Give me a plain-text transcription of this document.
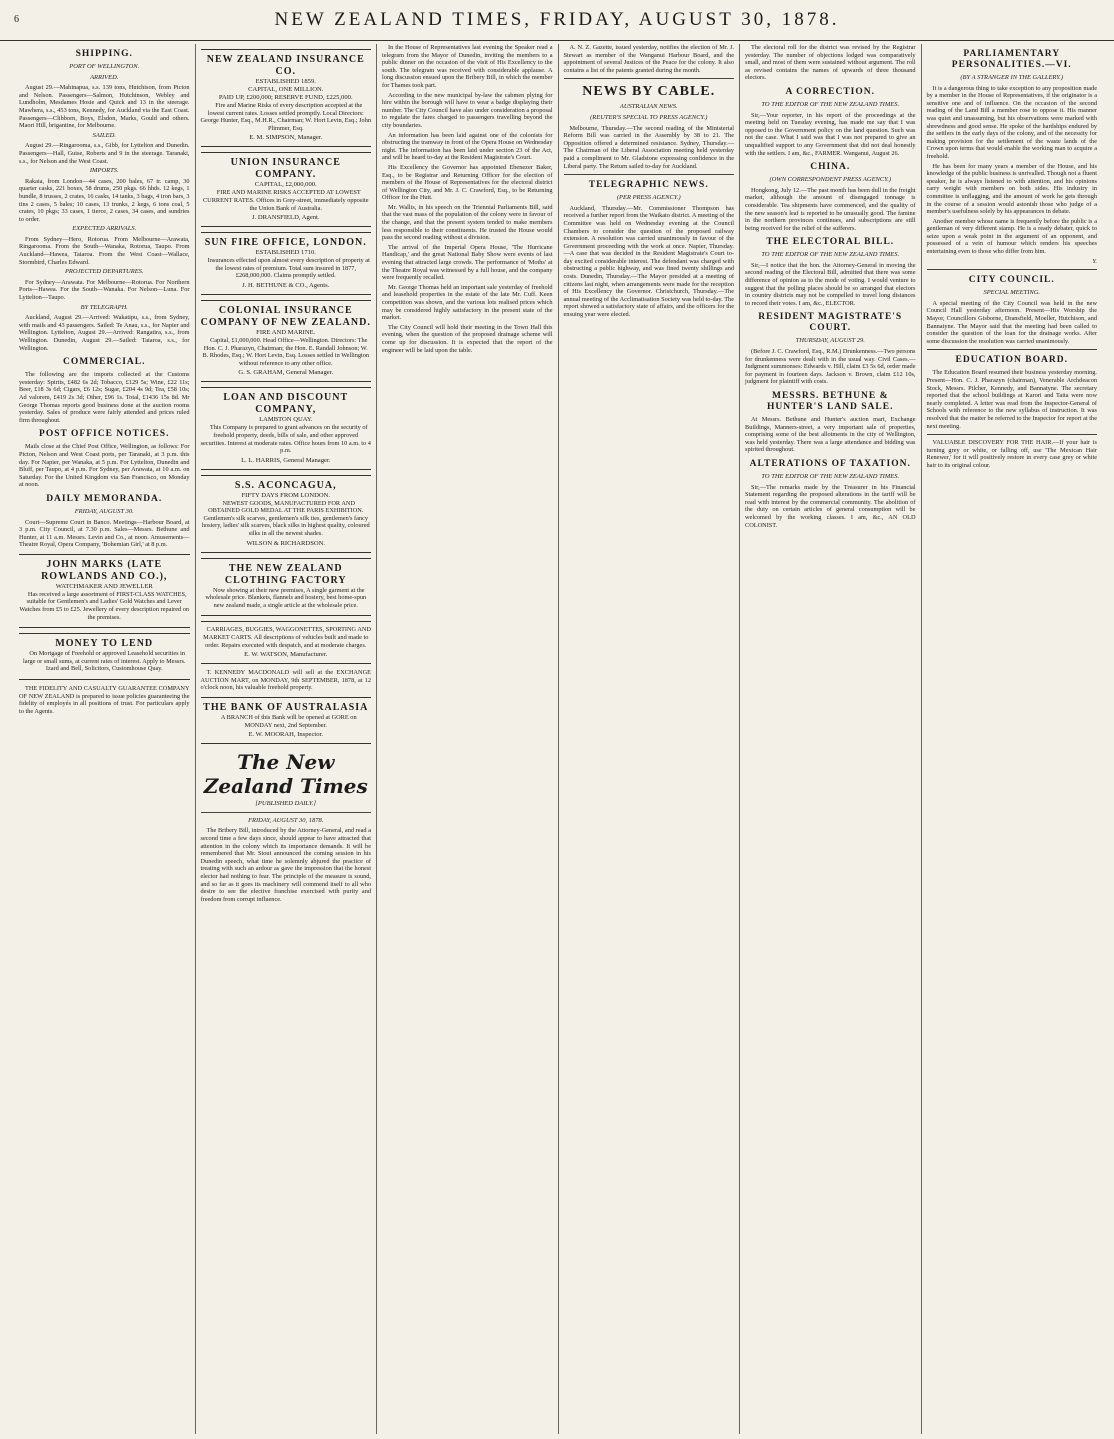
6	NEW ZEALAND TIMES, FRIDAY, AUGUST 30, 1878.
SHIPPING.
PORT OF WELLINGTON.
ARRIVED.

August 29.—Mahinapua, s.s. 139 tons, Hutchison, from Picton and Nelson. Passengers—Salmon, Hutchinson, Webley and Lundholm, Mesdames Hosie and Quick and 13 in the steerage. Mawhera, s.s., 453 tons, Kennedy, for Auckland via the East Coast. Passengers—Clibborn, Boys, Elsdon, Marks, Gould and others. Maori Hill, brigantine, for Melbourne.

SAILED.

August 29.—Ringarooma, s.s., Gibb, for Lyttelton and Dunedin. Passengers—Hall, Guise, Roberts and 9 in the steerage. Taranaki, s.s., for Nelson and the West Coast.

IMPORTS.

Rakaia, from London—44 cases, 200 bales, 67 tr. camp, 30 quarter casks, 221 boxes, 58 drums, 250 pkgs. 66 hhds. 12 kegs, 1 bundle, 8 trusses, 2 crates, 16 casks, 14 tanks, 3 bags, 4 iron bars, 3 tins 2 cases, 5 bales; 10 cases, 13 trunks, 2 kegs, 6 tons coal, 5 crates, 10 pkgs; 33 cases, 1 tierce, 2 cases, 34 cases, and sundries to order.

EXPECTED ARRIVALS.

From Sydney—Hero, Rotorua. From Melbourne—Arawata, Ringarooma. From the South—Wanaka, Rotorua, Taupo. From Auckland—Hawea, Taiaroa. From the West Coast—Wallace, Stormbird, Charles Edward.

PROJECTED DEPARTURES.

For Sydney—Arawata. For Melbourne—Rotorua. For Northern Ports—Hawea. For the South—Wanaka. For Nelson—Luna. For Lyttelton—Taupo.

BY TELEGRAPH.

Auckland, August 29.—Arrived: Wakatipu, s.s., from Sydney, with mails and 43 passengers. Sailed: Te Anau, s.s., for Napier and Wellington. Lyttelton, August 29.—Arrived: Rangatira, s.s., from Wellington. Dunedin, August 29.—Sailed: Taiaroa, s.s., for Wellington.

COMMERCIAL.

The following are the imports collected at the Customs yesterday: Spirits, £482 6s 2d; Tobacco, £129 5s; Wine, £22 11s; Beer, £18 3s 6d; Cigars, £6 12s; Sugar, £204 4s 9d; Tea, £58 10s; Ad valorem, £419 2s 3d; Other, £96 1s. Total, £1436 15s 8d. Mr George Thomas reports good business done at the auction rooms yesterday. Sales of produce were fairly attended and prices ruled firm throughout.

POST OFFICE NOTICES.

Mails close at the Chief Post Office, Wellington, as follows: For Picton, Nelson and West Coast ports, per Taranaki, at 3 p.m. this day. For Napier, per Wanaka, at 5 p.m. For Lyttelton, Dunedin and Bluff, per Taupo, at 4 p.m. For Sydney, per Arawata, at 10 a.m. on Saturday. For the United Kingdom via San Francisco, on Monday at noon.

DAILY MEMORANDA.
FRIDAY, AUGUST 30.

Court—Supreme Court in Banco. Meetings—Harbour Board, at 3 p.m. City Council, at 7.30 p.m. Sales—Messrs. Bethune and Hunter, at 11 a.m. Messrs. Levin and Co., at noon. Amusements—Theatre Royal, Opera Company, 'Bohemian Girl,' at 8 p.m.

JOHN MARKS (LATE ROWLANDS AND CO.),
WATCHMAKER AND JEWELLER

Has received a large assortment of FIRST-CLASS WATCHES, suitable for Gentlemen's and Ladies' Gold Watches and Lever Watches from £5 to £25. Jewellery of every description repaired on the premises.

MONEY TO LEND

On Mortgage of Freehold or approved Leasehold securities in large or small sums, at current rates of interest. Apply to Messrs. Izard and Bell, Solicitors, Customhouse Quay.

THE FIDELITY AND CASUALTY GUARANTEE COMPANY OF NEW ZEALAND is prepared to issue policies guaranteeing the fidelity of employés in all positions of trust. For particulars apply to the Agents.

NEW ZEALAND INSURANCE CO.
ESTABLISHED 1859.
CAPITAL, ONE MILLION.
PAID UP, £200,000; RESERVE FUND, £225,000.

Fire and Marine Risks of every description accepted at the lowest current rates. Losses settled promptly. Local Directors: George Hunter, Esq., M.H.R., Chairman; W. Hort Levin, Esq.; John Plimmer, Esq.

E. M. SIMPSON, Manager.
UNION INSURANCE COMPANY.
CAPITAL, £2,000,000.

FIRE AND MARINE RISKS ACCEPTED AT LOWEST CURRENT RATES. Offices in Grey-street, immediately opposite the Union Bank of Australia.

J. DRANSFIELD, Agent.
SUN FIRE OFFICE, LONDON.
ESTABLISHED 1710.

Insurances effected upon almost every description of property at the lowest rates of premium. Total sum insured in 1877, £268,000,000. Claims promptly settled.

J. H. BETHUNE & CO., Agents.
COLONIAL INSURANCE COMPANY OF NEW ZEALAND.
FIRE AND MARINE.

Capital, £1,000,000. Head Office—Wellington. Directors: The Hon. C. J. Pharazyn, Chairman; the Hon. E. Randall Johnson; W. B. Rhodes, Esq.; W. Hort Levin, Esq. Losses settled in Wellington without reference to any other office.

G. S. GRAHAM, General Manager.
LOAN AND DISCOUNT COMPANY,
LAMBTON QUAY.

This Company is prepared to grant advances on the security of freehold property, deeds, bills of sale, and other approved securities. Interest at moderate rates. Office hours from 10 a.m. to 4 p.m.

L. L. HARRIS, General Manager.
S.S. ACONCAGUA,
FIFTY DAYS FROM LONDON.

NEWEST GOODS, MANUFACTURED FOR AND OBTAINED GOLD MEDAL AT THE PARIS EXHIBITION. Gentlemen's silk scarves, gentlemen's silk ties, gentlemen's fancy hosiery, ladies' silk scarves, black silks in highest quality, coloured silks in all the newest shades.

WILSON & RICHARDSON.
THE NEW ZEALAND CLOTHING FACTORY

Now showing at their new premises, A single garment at the wholesale price. Blankets, flannels and hosiery, best home-spun new zealand made, a single article at the wholesale price.

CARRIAGES, BUGGIES, WAGGONETTES, SPORTING AND MARKET CARTS. All descriptions of vehicles built and made to order. Repairs executed with despatch, and at moderate charges.

E. W. WATSON, Manufacturer.

T. KENNEDY MACDONALD will sell at the EXCHANGE AUCTION MART, on MONDAY, 9th SEPTEMBER, 1878, at 12 o'clock noon, his valuable freehold property.

THE BANK OF AUSTRALASIA

A BRANCH of this Bank will be opened at GORE on MONDAY next, 2nd September.

E. W. MOORAH, Inspector.
The New Zealand Times
[PUBLISHED DAILY.]
FRIDAY, AUGUST 30, 1878.

The Bribery Bill, introduced by the Attorney-General, and read a second time a few days since, should appear to have attracted that attention in the colony which its importance demands. It will be remembered that Mr. Stout announced the coming session in his Dunedin speech, what time he solemnly abjured the practice of treating with such an ardour as gave the impression that the honest elector had nothing to fear. The principle of the measure is sound, and so far as it goes its machinery will commend itself to all who desire to see the elective franchise exercised with purity and freedom from corrupt influence.

In the House of Representatives last evening the Speaker read a telegram from the Mayor of Dunedin, inviting the members to a public dinner on the occasion of the visit of His Excellency to the south. The telegram was received with considerable applause. A long discussion ensued upon the Bribery Bill, in which the member for Thames took part.

According to the new municipal by-law the cabmen plying for hire within the borough will have to wear a badge displaying their number. The City Council have also under consideration a proposal to regulate the fares charged to passengers travelling beyond the city boundaries.

An information has been laid against one of the colonists for obstructing the tramway in front of the Opera House on Wednesday night. The information has been laid under section 23 of the Act, and will be heard to-day at the Resident Magistrate's Court.

His Excellency the Governor has appointed Ebenezer Baker, Esq., to be Registrar and Returning Officer for the election of members of the House of Representatives for the electoral district of Wellington City, and Mr. J. C. Crawford, Esq., to be Returning Officer for the Hutt.

Mr. Wallis, in his speech on the Triennial Parliaments Bill, said that the vast mass of the population of the colony were in favour of the change, and that the present system tended to make members less responsible to their constituents. He trusted the House would pass the second reading without a division.

The arrival of the Imperial Opera House, 'The Hurricane Handicap,' and the great National Baby Show were events of last evening that attracted large crowds. The performance of 'Moths' at the Theatre Royal was witnessed by a full house, and the company were frequently recalled.

Mr. George Thomas held an important sale yesterday of freehold and leasehold properties in the estate of the late Mr. Cuff. Keen competition was shown, and the various lots realised prices which may be considered highly satisfactory in the present state of the market.

The City Council will hold their meeting in the Town Hall this evening, when the question of the proposed drainage scheme will come up for discussion. It is expected that the report of the engineer will be laid upon the table.

A. N. Z. Gazette, issued yesterday, notifies the election of Mr. J. Stewart as member of the Wanganui Harbour Board, and the appointment of several Justices of the Peace for the colony. It also contains a list of the patents granted during the month.

NEWS BY CABLE.
AUSTRALIAN NEWS.
(REUTER'S SPECIAL TO PRESS AGENCY.)

Melbourne, Thursday.—The second reading of the Ministerial Reform Bill was carried in the Assembly by 38 to 21. The Opposition offered a determined resistance. Sydney, Thursday.—The Chairman of the Liberal Association meeting held yesterday paid a compliment to Mr. Gladstone expressing confidence in the Liberal party. The Return sailed to-day for Auckland.

TELEGRAPHIC NEWS.
(PER PRESS AGENCY.)

Auckland, Thursday.—Mr. Commissioner Thompson has received a further report from the Waikato district. A meeting of the Committee was held on Wednesday evening at the Council Chambers to consider the question of the proposed railway extension. A resolution was carried unanimously in favour of the Government proceeding with the work at once. Napier, Thursday.—A case that was decided in the Resident Magistrate's Court to-day excited considerable interest. The defendant was charged with obstructing a public highway, and was fined twenty shillings and costs. Dunedin, Thursday.—The Mayor presided at a meeting of citizens last night, when arrangements were made for the reception of His Excellency the Governor. Christchurch, Thursday.—The annual meeting of the Acclimatisation Society was held to-day. The report showed a satisfactory state of affairs, and the officers for the ensuing year were elected.

The electoral roll for the district was revised by the Registrar yesterday. The number of objections lodged was comparatively small, and most of them were sustained without argument. The roll as revised contains the names of upwards of three thousand electors.

A CORRECTION.
TO THE EDITOR OF THE NEW ZEALAND TIMES.

Sir,—Your reporter, in his report of the proceedings at the meeting held on Tuesday evening, has made me say that I was opposed to the Government policy on the land question. Such was not the case. What I said was that I was not prepared to give an unqualified support to any Government that did not deal honestly with the settlers. I am, &c., FARMER. Wanganui, August 26.

CHINA.
(OWN CORRESPONDENT PRESS AGENCY.)

Hongkong, July 12.—The past month has been dull in the freight market, although the amount of disengaged tonnage is considerable. Tea shipments have commenced, and the quality of the new season's leaf is reported to be unusually good. The famine in the northern provinces continues, and subscriptions are still being received for the relief of the sufferers.

THE ELECTORAL BILL.
TO THE EDITOR OF THE NEW ZEALAND TIMES.

Sir,—I notice that the hon. the Attorney-General in moving the second reading of the Electoral Bill, admitted that there was some difference of opinion as to the mode of voting. I would venture to suggest that the polling places should be so arranged that electors in country districts may not be compelled to travel long distances to record their votes. I am, &c., ELECTOR.

RESIDENT MAGISTRATE'S COURT.
THURSDAY, AUGUST 29.

(Before J. C. Crawford, Esq., R.M.) Drunkenness.—Two persons for drunkenness were dealt with in the usual way. Civil Cases.—Judgment summonses: Edwards v. Hill, claim £3 5s 6d, order made for payment in fourteen days. Jackson v. Brown, claim £12 10s, judgment for plaintiff with costs.

MESSRS. BETHUNE & HUNTER'S LAND SALE.

At Messrs. Bethune and Hunter's auction mart, Exchange Buildings, Manners-street, a very important sale of properties, comprising some of the best allotments in the city of Wellington, was held yesterday. There was a large attendance and bidding was spirited throughout.

ALTERATIONS OF TAXATION.
TO THE EDITOR OF THE NEW ZEALAND TIMES.

Sir,—The remarks made by the Treasurer in his Financial Statement regarding the proposed alterations in the tariff will be read with interest by the commercial community. The abolition of the duty on certain articles of general consumption will be welcomed by the working classes. I am, &c., AN OLD COLONIST.

PARLIAMENTARY PERSONALITIES.—VI.
(BY A STRANGER IN THE GALLERY.)

It is a dangerous thing to take exception to any proposition made by a member in the House of Representatives, if the originator is a sensitive one and of influence. On the occasion of the second reading of the Land Bill a member rose to oppose it. His manner was quiet and unassuming, but his observations were marked with shrewdness and good sense. He spoke of the hardships endured by the settlers in the early days of the colony, and of the necessity for making provision for the settlement of the waste lands of the Crown upon terms that would enable the working man to acquire a freehold.

He has been for many years a member of the House, and his knowledge of the public business is unrivalled. Though not a fluent speaker, he is always listened to with attention, and his opinions carry weight with members on both sides. His industry in committee is unflagging, and the amount of work he gets through in the course of a session would astonish those who judge of a member's usefulness solely by his appearances in debate.

Another member whose name is frequently before the public is a gentleman of very different stamp. He is a ready debater, quick to seize upon a weak point in the argument of an opponent, and possessed of a vein of humour which renders his speeches entertaining even to those who differ from him.

Y.
CITY COUNCIL.
SPECIAL MEETING.

A special meeting of the City Council was held in the new Council Hall yesterday afternoon. Present—His Worship the Mayor, Councillors Gisborne, Dransfield, Moeller, Hutchison, and Bannatyne. The Mayor said that the meeting had been called to consider the question of the loan for the drainage works. After some discussion the resolution was carried unanimously.

EDUCATION BOARD.

The Education Board resumed their business yesterday morning. Present—Hon. C. J. Pharazyn (chairman), Venerable Archdeacon Stock, Messrs. Pilcher, Kennedy, and Bannatyne. The secretary reported that the school buildings at Karori and Taita were now nearly completed. A letter was read from the Inspector-General of Schools with reference to the new syllabus of instruction. It was resolved that the matter be referred to the Inspector for report at the next meeting.

VALUABLE DISCOVERY FOR THE HAIR.—If your hair is turning grey or white, or falling off, use 'The Mexican Hair Renewer,' for it will positively restore in every case grey or white hair to its original colour.
